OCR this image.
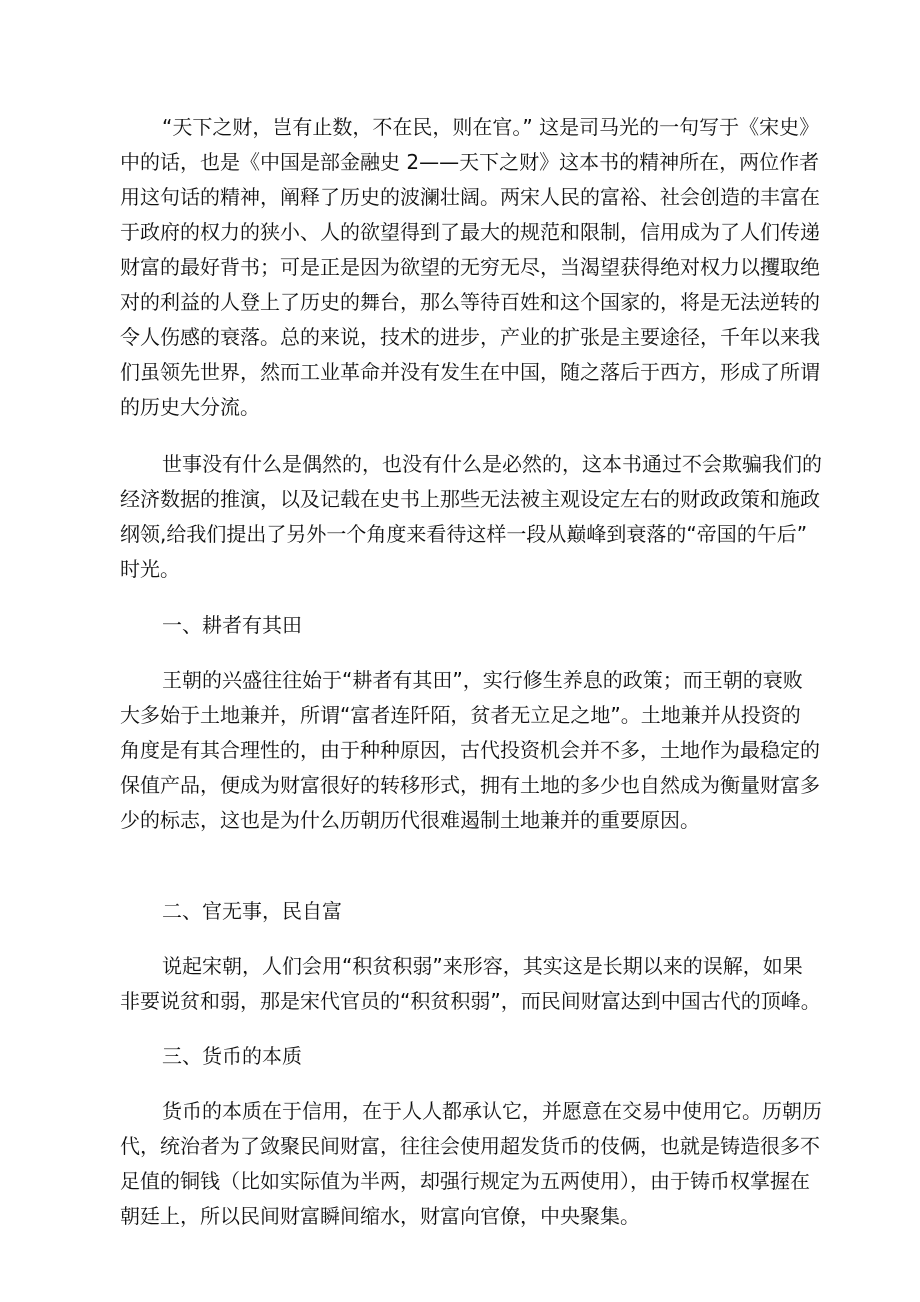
“天下之财，岂有止数，不在民，则在官。” 这是司马光的一句写于《宋史》
中的话，也是《中国是部金融史 2——天下之财》这本书的精神所在，两位作者
用这句话的精神，阐释了历史的波澜壮阔。两宋人民的富裕、社会创造的丰富在
于政府的权力的狭小、人的欲望得到了最大的规范和限制，信用成为了人们传递
财富的最好背书；可是正是因为欲望的无穷无尽，当渴望获得绝对权力以攫取绝
对的利益的人登上了历史的舞台，那么等待百姓和这个国家的，将是无法逆转的
令人伤感的衰落。总的来说，技术的进步，产业的扩张是主要途径，千年以来我
们虽领先世界，然而工业革命并没有发生在中国，随之落后于西方，形成了所谓
的历史大分流。
世事没有什么是偶然的，也没有什么是必然的，这本书通过不会欺骗我们的
经济数据的推演，以及记载在史书上那些无法被主观设定左右的财政政策和施政
纲领,给我们提出了另外一个角度来看待这样一段从巅峰到衰落的“帝国的午后”
时光。
一、耕者有其田
王朝的兴盛往往始于“耕者有其田”，实行修生养息的政策；而王朝的衰败
大多始于土地兼并，所谓“富者连阡陌，贫者无立足之地”。土地兼并从投资的
角度是有其合理性的，由于种种原因，古代投资机会并不多，土地作为最稳定的
保值产品，便成为财富很好的转移形式，拥有土地的多少也自然成为衡量财富多
少的标志，这也是为什么历朝历代很难遏制土地兼并的重要原因。
二、官无事，民自富
说起宋朝，人们会用“积贫积弱”来形容，其实这是长期以来的误解，如果
非要说贫和弱，那是宋代官员的“积贫积弱”，而民间财富达到中国古代的顶峰。
三、货币的本质
货币的本质在于信用，在于人人都承认它，并愿意在交易中使用它。历朝历
代，统治者为了敛聚民间财富，往往会使用超发货币的伎俩，也就是铸造很多不
足值的铜钱（比如实际值为半两，却强行规定为五两使用），由于铸币权掌握在
朝廷上，所以民间财富瞬间缩水，财富向官僚，中央聚集。
